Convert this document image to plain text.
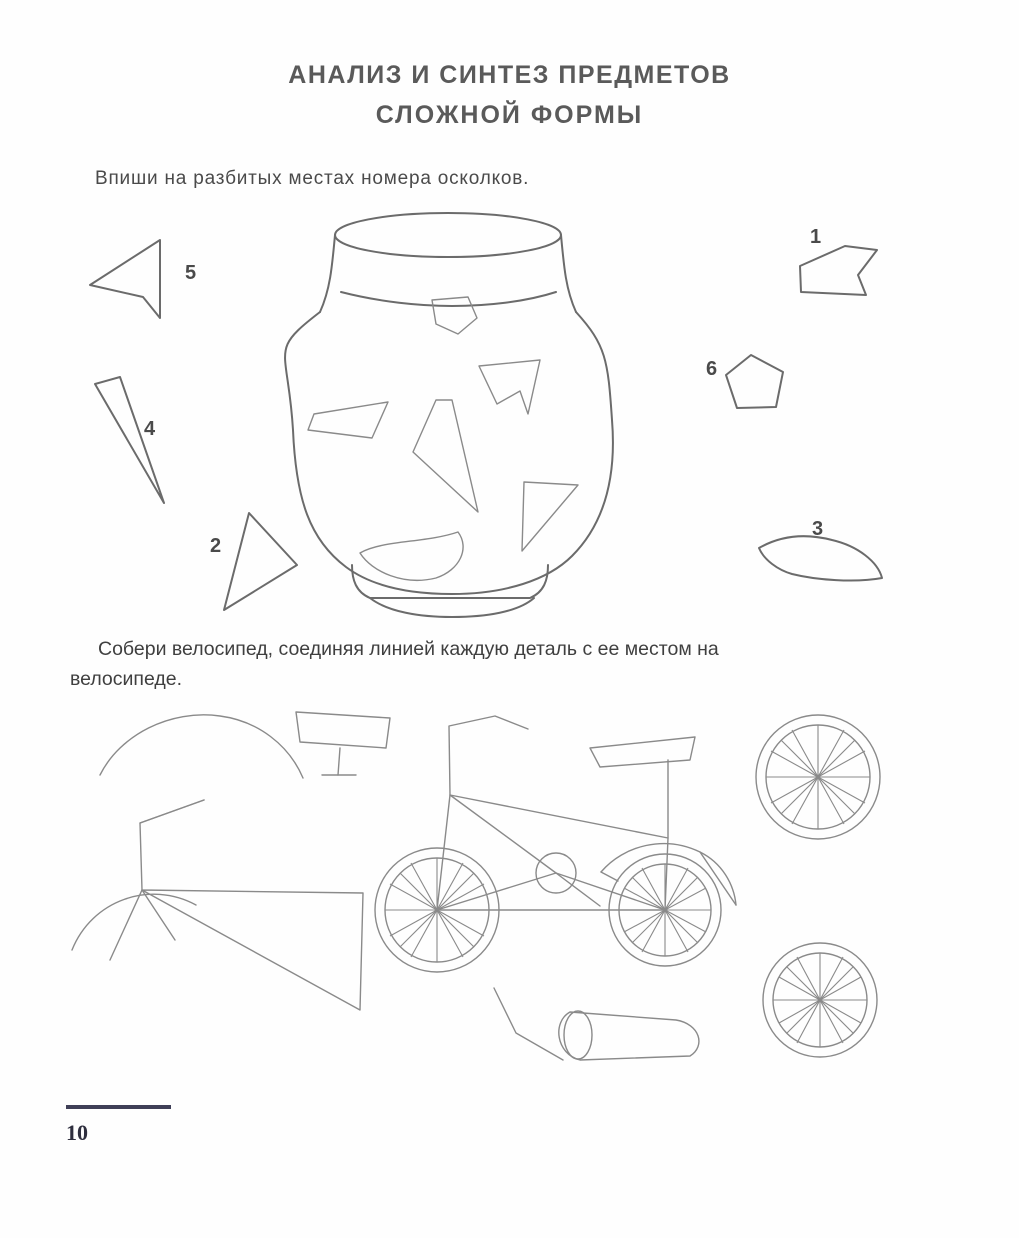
АНАЛИЗ И СИНТЕЗ ПРЕДМЕТОВ
СЛОЖНОЙ ФОРМЫ
Впиши на разбитых местах номера осколков.
Собери велосипед, соединяя линией каждую деталь с ее местом на
велосипеде.
5
4
2
1
6
3
10
